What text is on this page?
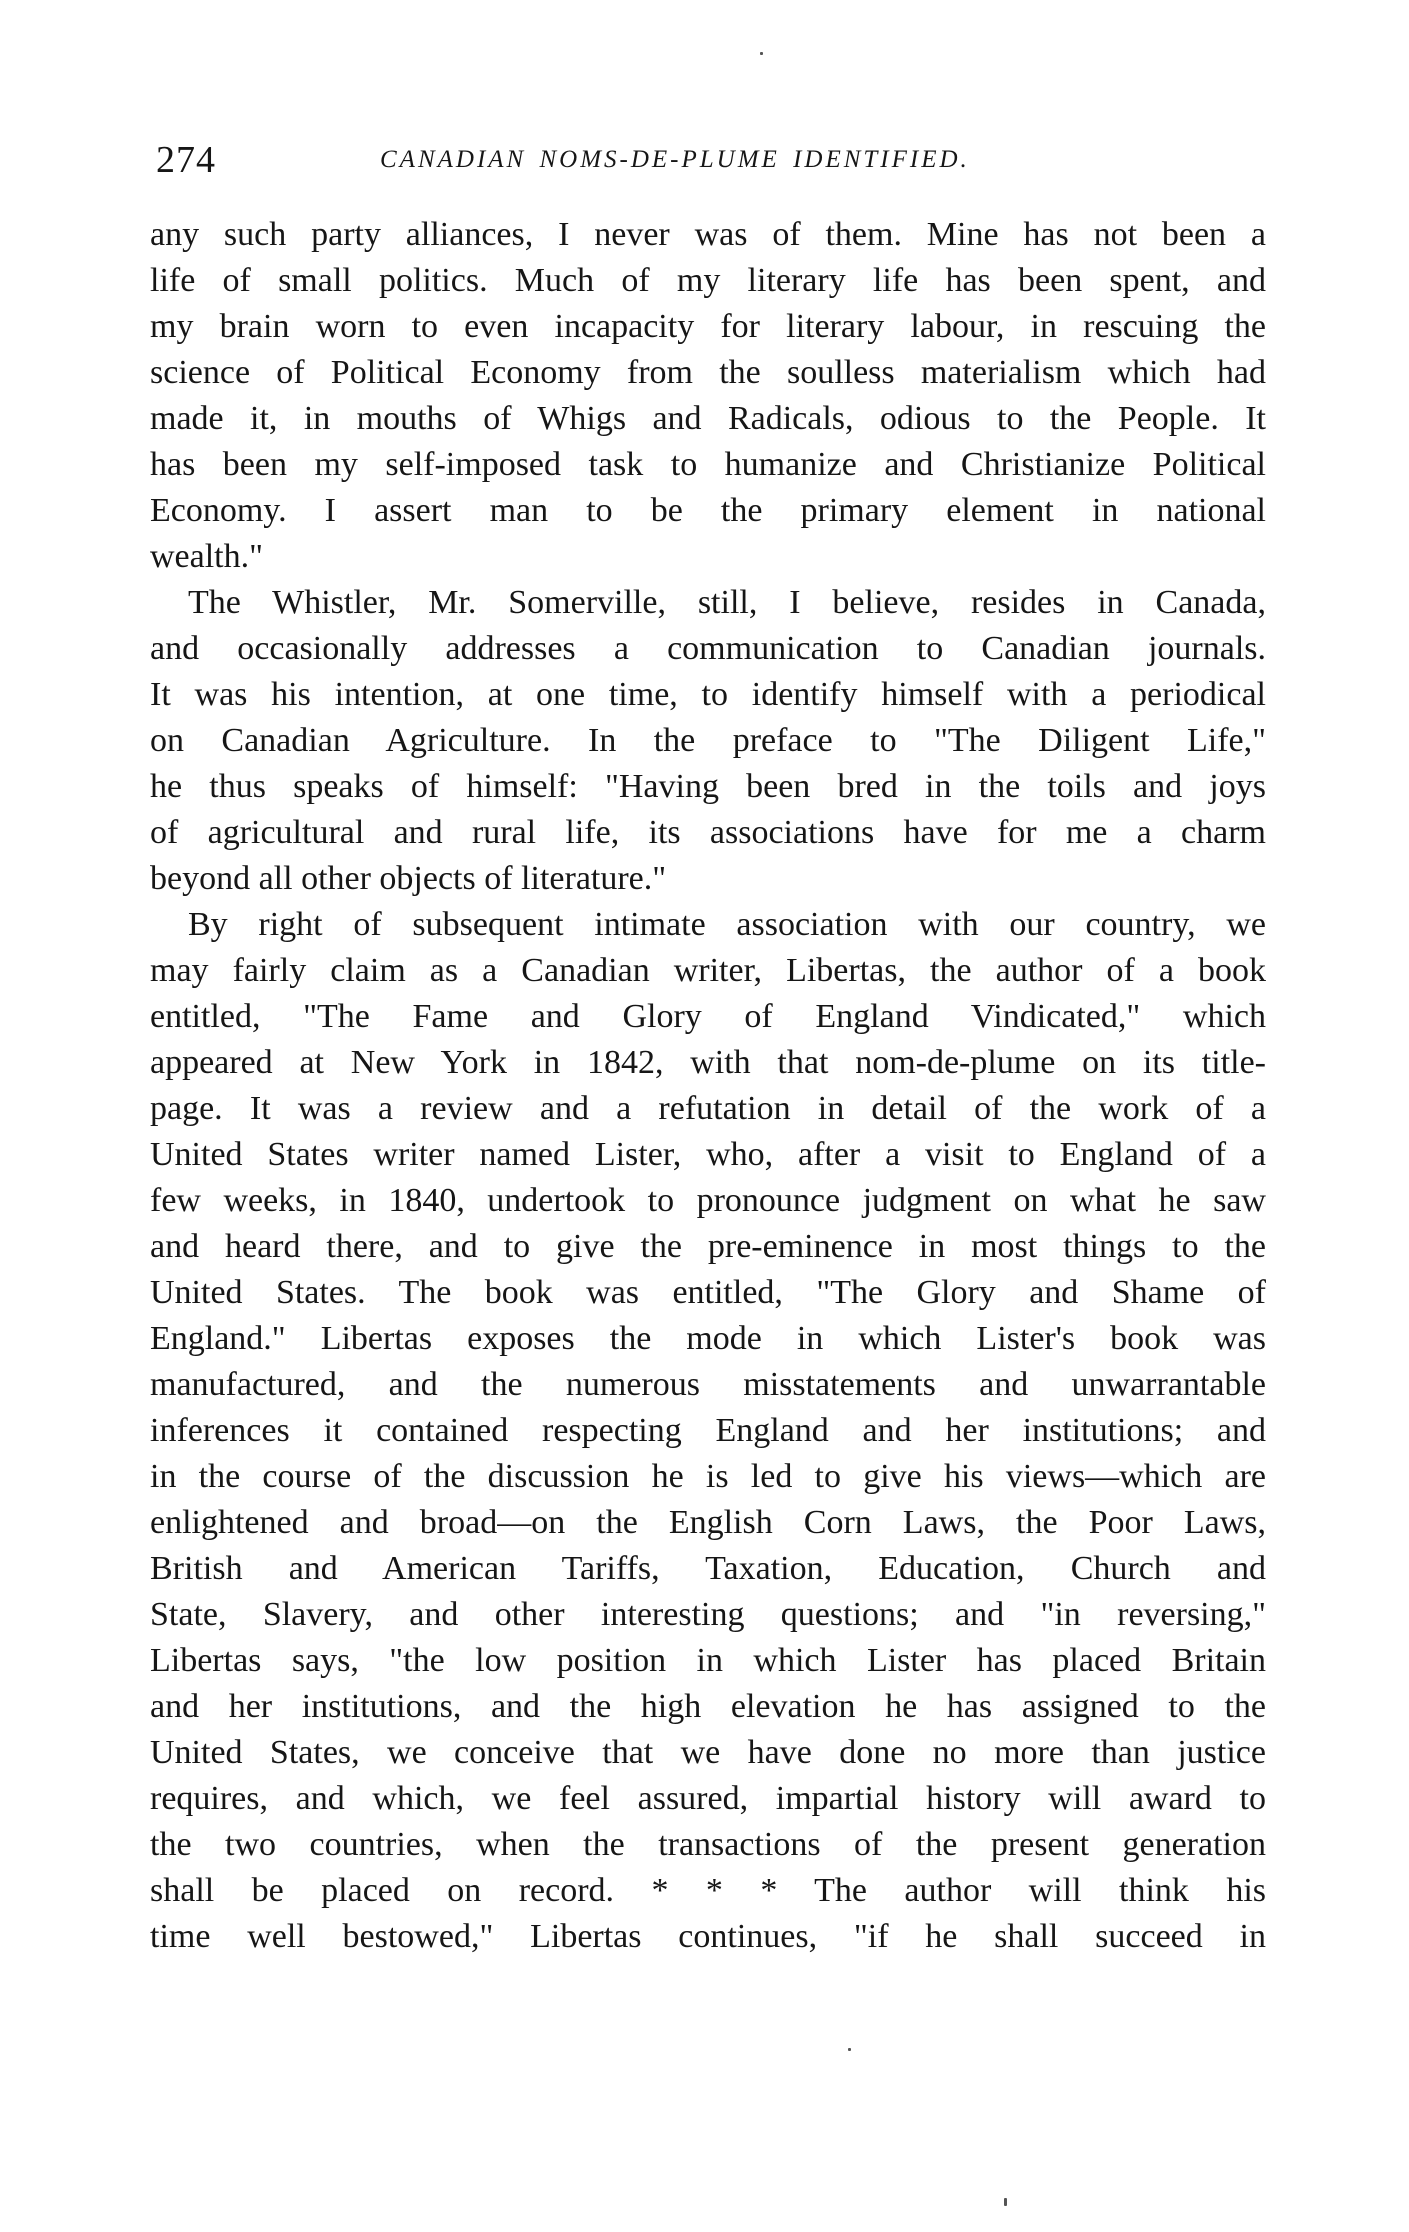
274	CANADIAN NOMS-DE-PLUME IDENTIFIED.
any such party alliances, I never was of them. Mine has not been a
life of small politics. Much of my literary life has been spent, and
my brain worn to even incapacity for literary labour, in rescuing the
science of Political Economy from the soulless materialism which had
made it, in mouths of Whigs and Radicals, odious to the People. It
has been my self-imposed task to humanize and Christianize Political
Economy. I assert man to be the primary element in national
wealth."
The Whistler, Mr. Somerville, still, I believe, resides in Canada,
and occasionally addresses a communication to Canadian journals.
It was his intention, at one time, to identify himself with a periodical
on Canadian Agriculture. In the preface to "The Diligent Life,"
he thus speaks of himself: "Having been bred in the toils and joys
of agricultural and rural life, its associations have for me a charm
beyond all other objects of literature."
By right of subsequent intimate association with our country, we
may fairly claim as a Canadian writer, Libertas, the author of a book
entitled, "The Fame and Glory of England Vindicated," which
appeared at New York in 1842, with that nom-de-plume on its title-
page. It was a review and a refutation in detail of the work of a
United States writer named Lister, who, after a visit to England of a
few weeks, in 1840, undertook to pronounce judgment on what he saw
and heard there, and to give the pre-eminence in most things to the
United States. The book was entitled, "The Glory and Shame of
England." Libertas exposes the mode in which Lister's book was
manufactured, and the numerous misstatements and unwarrantable
inferences it contained respecting England and her institutions; and
in the course of the discussion he is led to give his views—which are
enlightened and broad—on the English Corn Laws, the Poor Laws,
British and American Tariffs, Taxation, Education, Church and
State, Slavery, and other interesting questions; and "in reversing,"
Libertas says, "the low position in which Lister has placed Britain
and her institutions, and the high elevation he has assigned to the
United States, we conceive that we have done no more than justice
requires, and which, we feel assured, impartial history will award to
the two countries, when the transactions of the present generation
shall be placed on record. * * * The author will think his
time well bestowed," Libertas continues, "if he shall succeed in
